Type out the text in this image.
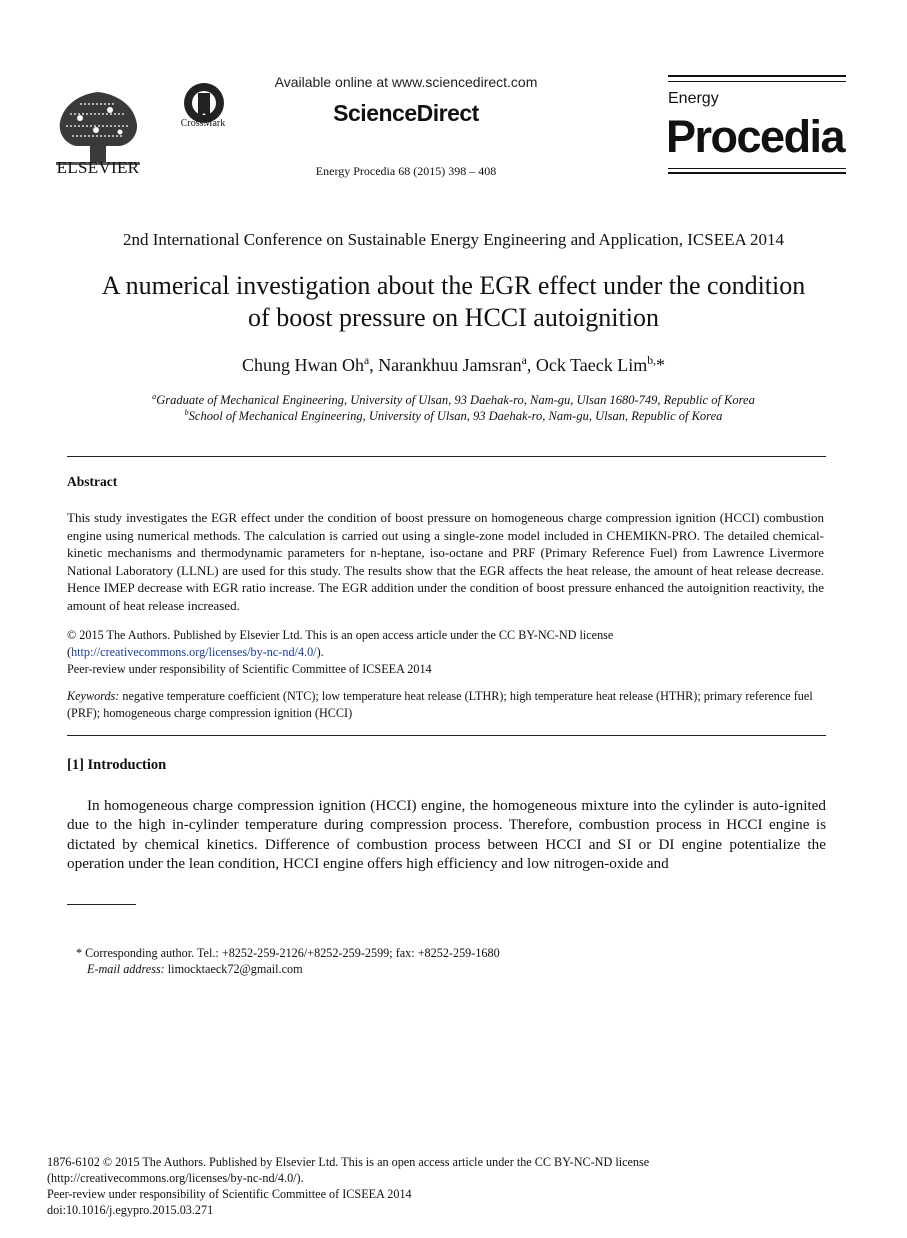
ELSEVIER
CrossMark
Available online at www.sciencedirect.com
ScienceDirect
Energy Procedia 68 (2015) 398 – 408
Energy
Procedia
2nd International Conference on Sustainable Energy Engineering and Application, ICSEEA 2014
A numerical investigation about the EGR effect under the condition
of boost pressure on HCCI autoignition
Chung Hwan Oh$^a$, Narankhuu Jamsran$^a$, Ock Taeck Lim$^{b,}$*
$^a$Graduate of Mechanical Engineering, University of Ulsan, 93 Daehak-ro, Nam-gu, Ulsan 1680-749, Republic of Korea
$^b$School of Mechanical Engineering, University of Ulsan, 93 Daehak-ro, Nam-gu, Ulsan, Republic of Korea
Abstract
This study investigates the EGR effect under the condition of boost pressure on homogeneous charge compression ignition (HCCI) combustion engine using numerical methods. The calculation is carried out using a single-zone model included in CHEMIKN-PRO. The detailed chemical-kinetic mechanisms and thermodynamic parameters for n-heptane, iso-octane and PRF (Primary Reference Fuel) from Lawrence Livermore National Laboratory (LLNL) are used for this study. The results show that the EGR affects the heat release, the amount of heat release decrease. Hence IMEP decrease with EGR ratio increase. The EGR addition under the condition of boost pressure enhanced the autoignition reactivity, the amount of heat release increased.
© 2015 The Authors. Published by Elsevier Ltd. This is an open access article under the CC BY-NC-ND license
(http://creativecommons.org/licenses/by-nc-nd/4.0/).
Peer-review under responsibility of Scientific Committee of ICSEEA 2014
Keywords: negative temperature coefficient (NTC); low temperature heat release (LTHR); high temperature heat release (HTHR); primary reference fuel (PRF); homogeneous charge compression ignition (HCCI)
[1] Introduction
In homogeneous charge compression ignition (HCCI) engine, the homogeneous mixture into the cylinder is auto-ignited due to the high in-cylinder temperature during compression process. Therefore, combustion process in HCCI engine is dictated by chemical kinetics. Difference of combustion process between HCCI and SI or DI engine potentialize the operation under the lean condition, HCCI engine offers high efficiency and low nitrogen-oxide and
* Corresponding author. Tel.: +8252-259-2126/+8252-259-2599; fax: +8252-259-1680
E-mail address: limocktaeck72@gmail.com
1876-6102 © 2015 The Authors. Published by Elsevier Ltd. This is an open access article under the CC BY-NC-ND license
(http://creativecommons.org/licenses/by-nc-nd/4.0/).
Peer-review under responsibility of Scientific Committee of ICSEEA 2014
doi:10.1016/j.egypro.2015.03.271
